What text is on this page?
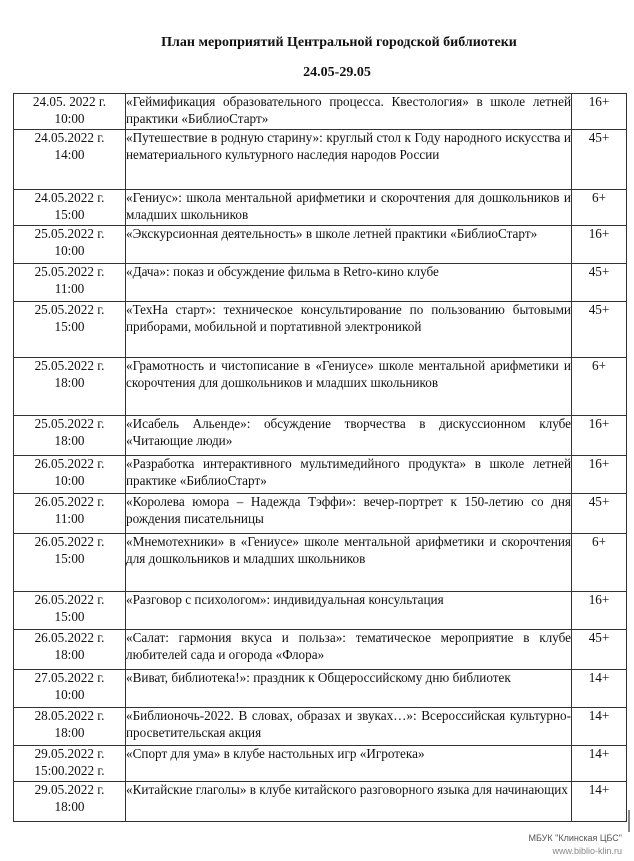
План мероприятий Центральной городской библиотеки
24.05-29.05
24.05. 2022 г.
10:00	«Геймификация образовательного процесса. Квестология» в школе летней практики «БиблиоСтарт»	16+

24.05.2022 г.
14:00	«Путешествие в родную старину»: круглый стол к Году народного искусства и нематериального культурного наследия народов России	45+

24.05.2022 г.
15:00	«Гениус»: школа ментальной арифметики и скорочтения для дошкольников и младших школьников	6+

25.05.2022 г.
10:00	«Экскурсионная деятельность» в школе летней практики «БиблиоСтарт»	16+

25.05.2022 г.
11:00	«Дача»: показ и обсуждение фильма в Retro-кино клубе	45+

25.05.2022 г.
15:00	«ТехНа старт»: техническое консультирование по пользованию бытовыми приборами, мобильной и портативной электроникой	45+

25.05.2022 г.
18:00	«Грамотность и чистописание в «Гениусе» школе ментальной арифметики и скорочтения для дошкольников и младших школьников	6+

25.05.2022 г.
18:00	«Исабель Альенде»: обсуждение творчества в дискуссионном клубе «Читающие люди»	16+

26.05.2022 г.
10:00	«Разработка интерактивного мультимедийного продукта» в школе летней практике «БиблиоСтарт»	16+

26.05.2022 г.
11:00	«Королева юмора – Надежда Тэффи»: вечер-портрет к 150-летию со дня рождения писательницы	45+

26.05.2022 г.
15:00	«Мнемотехники» в «Гениусе» школе ментальной арифметики и скорочтения для дошкольников и младших школьников	6+

26.05.2022 г.
15:00	«Разговор с психологом»: индивидуальная консультация	16+

26.05.2022 г.
18:00	«Салат: гармония вкуса и польза»: тематическое мероприятие в клубе любителей сада и огорода «Флора»	45+

27.05.2022 г.
10:00	«Виват, библиотека!»: праздник к Общероссийскому дню библиотек	14+

28.05.2022 г.
18:00	«Библионочь-2022. В словах, образах и звуках…»: Всероссийская культурно-просветительская акция	14+

29.05.2022 г.
15:00.2022 г.	«Спорт для ума» в клубе настольных игр «Игротека»	14+

29.05.2022 г.
18:00	«Китайские глаголы» в клубе китайского разговорного языка для начинающих	14+
МБУК "Клинская ЦБС"
www.biblio-klin.ru
